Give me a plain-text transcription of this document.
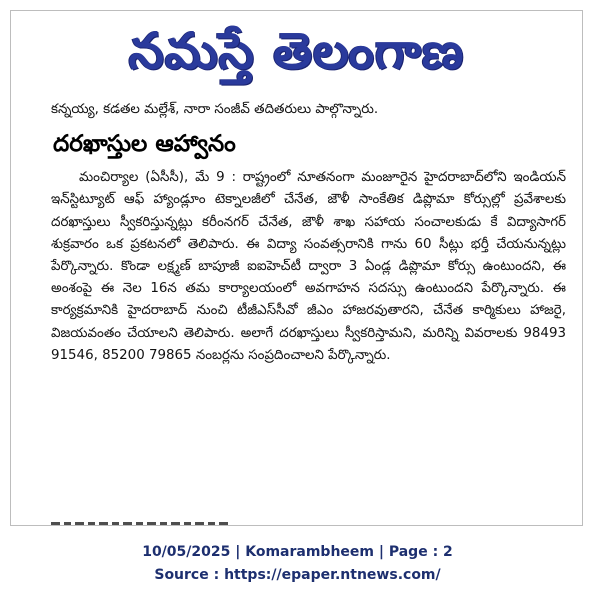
నమస్తే తెలంగాణ

కన్నయ్య, కడతల మల్లేశ్, నారా సంజీవ్ తదితరులు పాల్గొన్నారు.

దరఖాస్తుల ఆహ్వానం

మంచిర్యాల (ఏసీసీ), మే 9 : రాష్ట్రంలో నూతనంగా మంజూరైన హైదరాబాద్‌లోని ఇండియన్ ఇన్‌స్టిట్యూట్ ఆఫ్ హ్యాండ్లూం టెక్నాలజీలో చేనేత, జౌళీ సాంకేతిక డిప్లొమా కోర్సుల్లో ప్రవేశాలకు దరఖాస్తులు స్వీకరిస్తున్నట్లు కరీంనగర్ చేనేత, జౌళీ శాఖ సహాయ సంచాలకుడు కే విద్యాసాగర్ శుక్రవారం ఒక ప్రకటనలో తెలిపారు. ఈ విద్యా సంవత్సరానికి గాను 60 సీట్లు భర్తీ చేయనున్నట్లు పేర్కొన్నారు. కొండా లక్ష్మణ్ బాపూజీ ఐఐహెచ్‌టీ ద్వారా 3 ఏండ్ల డిప్లొమా కోర్సు ఉంటుందని, ఈ అంశంపై ఈ నెల 16న తమ కార్యాలయంలో అవగాహన సదస్సు ఉంటుందని పేర్కొన్నారు. ఈ కార్యక్రమానికి హైదరాబాద్ నుంచి టీజీఎస్‌సీవో జీఎం హాజరవుతారని, చేనేత కార్మికులు హాజరై, విజయవంతం చేయాలని తెలిపారు. అలాగే దరఖాస్తులు స్వీకరిస్తామని, మరిన్ని వివరాలకు 98493 91546, 85200 79865 నంబర్లను సంప్రదించాలని పేర్కొన్నారు.

10/05/2025 | Komarambheem | Page : 2
Source : https://epaper.ntnews.com/
